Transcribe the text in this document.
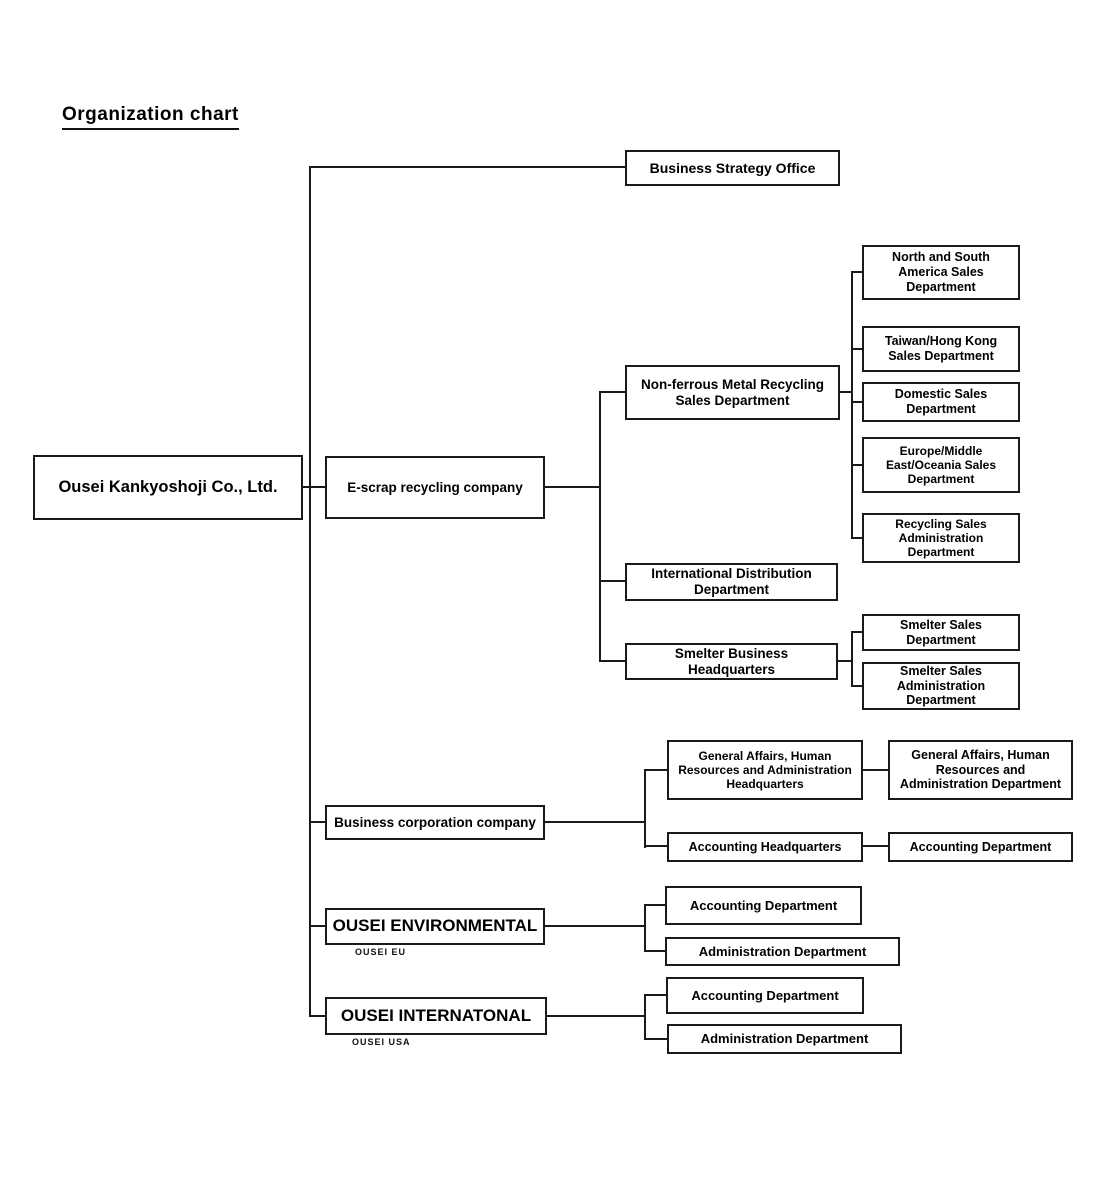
Organization chart
Ousei Kankyoshoji Co., Ltd.
Business Strategy Office
E-scrap recycling company
Non-ferrous Metal Recycling Sales Department
International Distribution Department
Smelter Business Headquarters
North and South America Sales Department
Taiwan/Hong Kong Sales Department
Domestic Sales Department
Europe/Middle East/Oceania Sales Department
Recycling Sales Administration Department
Smelter Sales Department
Smelter Sales Administration Department
Business corporation company
General Affairs, Human Resources and Administration Headquarters
General Affairs, Human Resources and Administration Department
Accounting Headquarters	Accounting Department
OUSEI ENVIRONMENTAL
OUSEI EU
Accounting Department
Administration Department
OUSEI INTERNATONAL
OUSEI USA
Accounting Department
Administration Department
